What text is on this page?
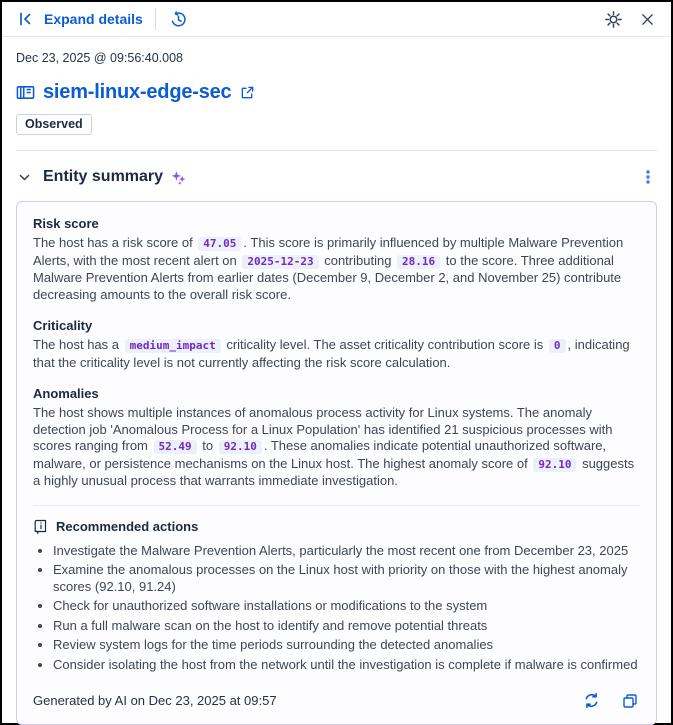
Expand details
Dec 23, 2025 @ 09:56:40.008
siem-linux-edge-sec
Observed
Entity summary
Risk score
The host has a risk score of 47.05 . This score is primarily influenced by multiple Malware Prevention Alerts, with the most recent alert on 2025-12-23 contributing 28.16 to the score. Three additional Malware Prevention Alerts from earlier dates (December 9, December 2, and November 25) contribute decreasing amounts to the overall risk score.
Criticality
The host has a medium_impact criticality level. The asset criticality contribution score is 0 , indicating that the criticality level is not currently affecting the risk score calculation.
Anomalies
The host shows multiple instances of anomalous process activity for Linux systems. The anomaly detection job 'Anomalous Process for a Linux Population' has identified 21 suspicious processes with scores ranging from 52.49 to 92.10 . These anomalies indicate potential unauthorized software, malware, or persistence mechanisms on the Linux host. The highest anomaly score of 92.10 suggests a highly unusual process that warrants immediate investigation.
Recommended actions
• Investigate the Malware Prevention Alerts, particularly the most recent one from December 23, 2025
• Examine the anomalous processes on the Linux host with priority on those with the highest anomaly scores (92.10, 91.24)
• Check for unauthorized software installations or modifications to the system
• Run a full malware scan on the host to identify and remove potential threats
• Review system logs for the time periods surrounding the detected anomalies
• Consider isolating the host from the network until the investigation is complete if malware is confirmed
Generated by AI on Dec 23, 2025 at 09:57
